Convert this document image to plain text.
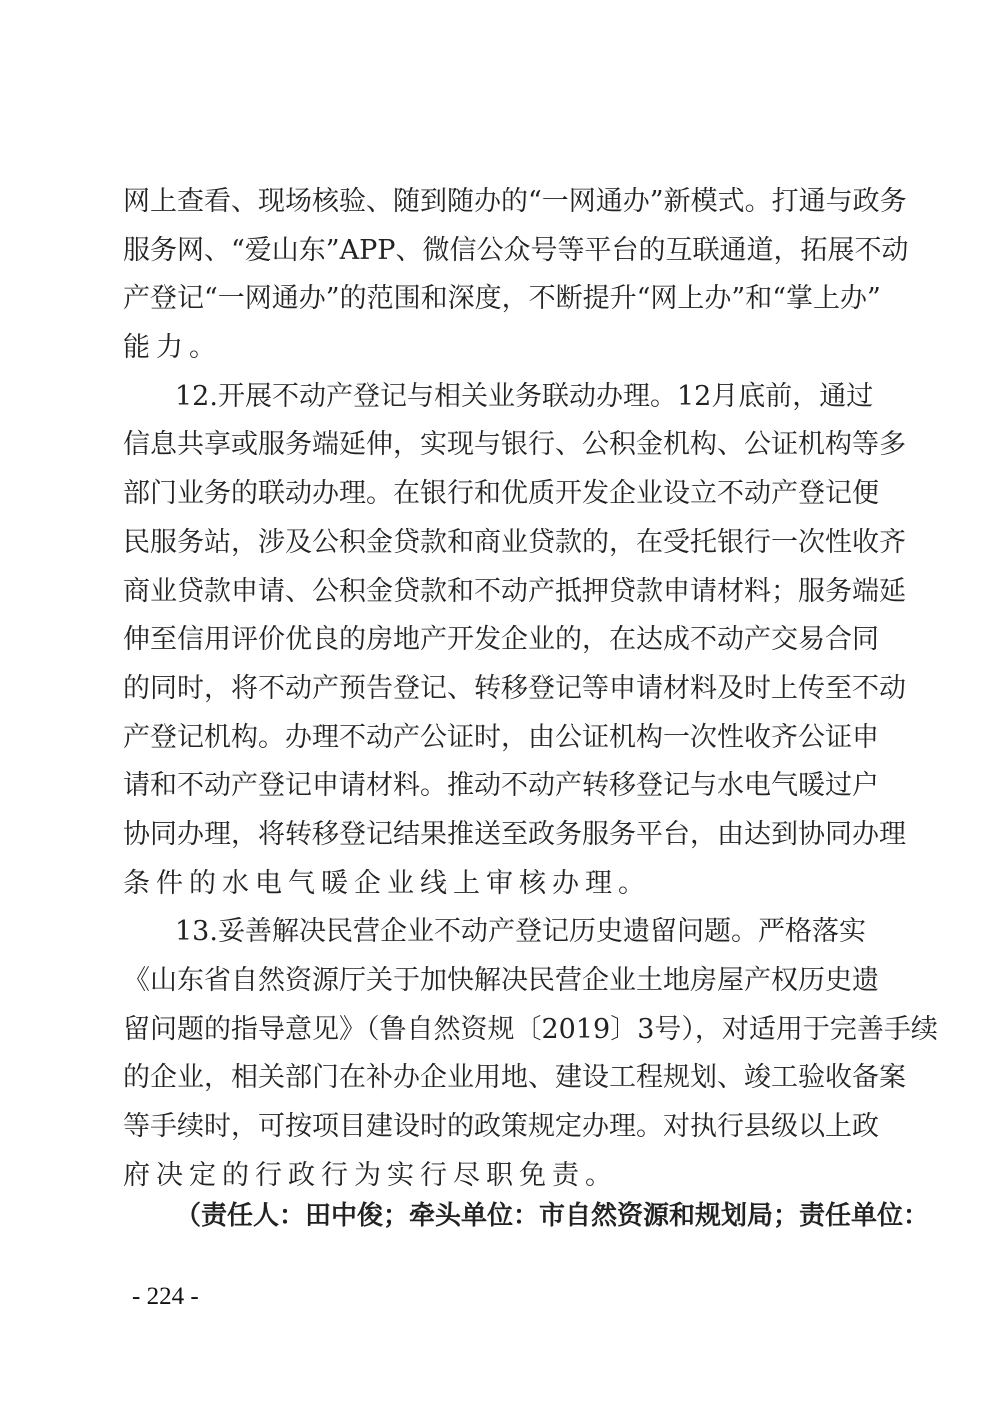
网上查看、现场核验、随到随办的“一网通办”新模式。打通与政务
服务网、“爱山东”APP、微信公众号等平台的互联通道，拓展不动
产登记“一网通办”的范围和深度，不断提升“网上办”和“掌上办”
能力。
12.开展不动产登记与相关业务联动办理。12月底前，通过
信息共享或服务端延伸，实现与银行、公积金机构、公证机构等多
部门业务的联动办理。在银行和优质开发企业设立不动产登记便
民服务站，涉及公积金贷款和商业贷款的，在受托银行一次性收齐
商业贷款申请、公积金贷款和不动产抵押贷款申请材料；服务端延
伸至信用评价优良的房地产开发企业的，在达成不动产交易合同
的同时，将不动产预告登记、转移登记等申请材料及时上传至不动
产登记机构。办理不动产公证时，由公证机构一次性收齐公证申
请和不动产登记申请材料。推动不动产转移登记与水电气暖过户
协同办理，将转移登记结果推送至政务服务平台，由达到协同办理
条件的水电气暖企业线上审核办理。
13.妥善解决民营企业不动产登记历史遗留问题。严格落实
《山东省自然资源厅关于加快解决民营企业土地房屋产权历史遗
留问题的指导意见》（鲁自然资规〔2019〕3号），对适用于完善手续
的企业，相关部门在补办企业用地、建设工程规划、竣工验收备案
等手续时，可按项目建设时的政策规定办理。对执行县级以上政
府决定的行政行为实行尽职免责。
（责任人：田中俊；牵头单位：市自然资源和规划局；责任单位：
- 224 -
